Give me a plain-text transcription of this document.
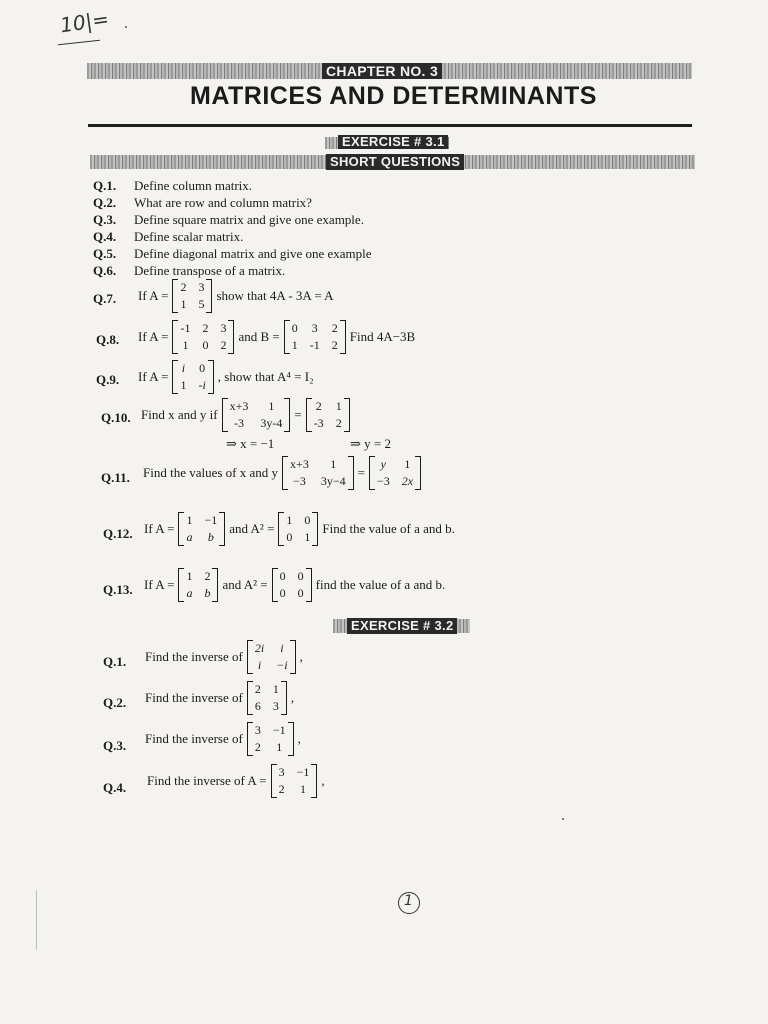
10|=
CHAPTER NO. 3
MATRICES AND DETERMINANTS
EXERCISE # 3.1
SHORT QUESTIONS
Q.1. Define column matrix.
Q.2. What are row and column matrix?
Q.3. Define square matrix and give one example.
Q.4. Define scalar matrix.
Q.5. Define diagonal matrix and give one example
Q.6. Define transpose of a matrix.
Q.7. If A =
2 3
1 5
show that 4A - 3A = A
Q.8. If A =
-1 2 3
1 0 2
and B =
0 3 2
1 -1 2
Find 4A−3B
Q.9. If A =
i 0
1 -i
, show that A⁴ = I₂
Q.10. Find x and y if
x+3	1
-3	3y-4
=
2 1
-3 2
⇒ x = −1	⇒ y = 2
Q.11. Find the values of x and y
x+3	1
−3 3y−4
=
y	1
−3 2x
Q.12. If A =
1 −1
a b
and A² =
1 0
0 1
Find the value of a and b.
Q.13. If A =
1 2
a b
and A² =
0 0
0 0
find the value of a and b.
EXERCISE # 3.2
Q.1. Find the inverse of
2i	i
i −i
,
Q.2. Find the inverse of
2 1
6 3
,
Q.3. Find the inverse of
3 −1
2 1
,
Q.4. Find the inverse of A =
3 −1
2 1
,
1
